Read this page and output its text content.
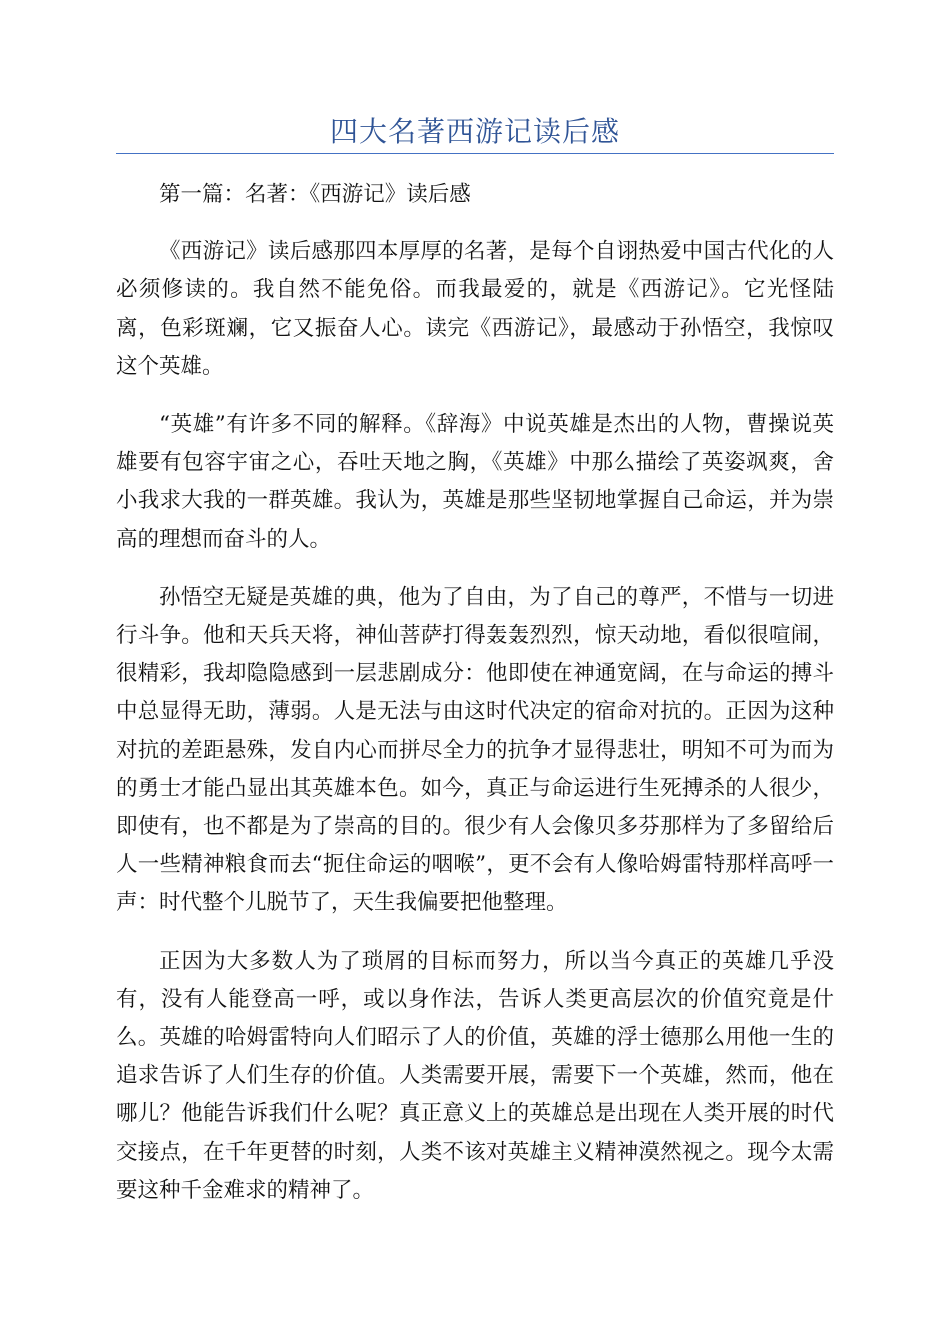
四大名著西游记读后感

第一篇：名著：《西游记》读后感

《西游记》读后感那四本厚厚的名著，是每个自诩热爱中国古代化的人必须修读的。我自然不能免俗。而我最爱的，就是《西游记》。它光怪陆离，色彩斑斓，它又振奋人心。读完《西游记》，最感动于孙悟空，我惊叹这个英雄。

“英雄”有许多不同的解释。《辞海》中说英雄是杰出的人物，曹操说英雄要有包容宇宙之心，吞吐天地之胸，《英雄》中那么描绘了英姿飒爽，舍小我求大我的一群英雄。我认为，英雄是那些坚韧地掌握自己命运，并为崇高的理想而奋斗的人。

孙悟空无疑是英雄的典，他为了自由，为了自己的尊严，不惜与一切进行斗争。他和天兵天将，神仙菩萨打得轰轰烈烈，惊天动地，看似很喧闹，很精彩，我却隐隐感到一层悲剧成分：他即使在神通宽阔，在与命运的搏斗中总显得无助，薄弱。人是无法与由这时代决定的宿命对抗的。正因为这种对抗的差距悬殊，发自内心而拼尽全力的抗争才显得悲壮，明知不可为而为的勇士才能凸显出其英雄本色。如今，真正与命运进行生死搏杀的人很少，即使有，也不都是为了崇高的目的。很少有人会像贝多芬那样为了多留给后人一些精神粮食而去“扼住命运的咽喉”，更不会有人像哈姆雷特那样高呼一声：时代整个儿脱节了，天生我偏要把他整理。

正因为大多数人为了琐屑的目标而努力，所以当今真正的英雄几乎没有，没有人能登高一呼，或以身作法，告诉人类更高层次的价值究竟是什么。英雄的哈姆雷特向人们昭示了人的价值，英雄的浮士德那么用他一生的追求告诉了人们生存的价值。人类需要开展，需要下一个英雄，然而，他在哪儿？他能告诉我们什么呢？真正意义上的英雄总是出现在人类开展的时代交接点，在千年更替的时刻，人类不该对英雄主义精神漠然视之。现今太需要这种千金难求的精神了。
